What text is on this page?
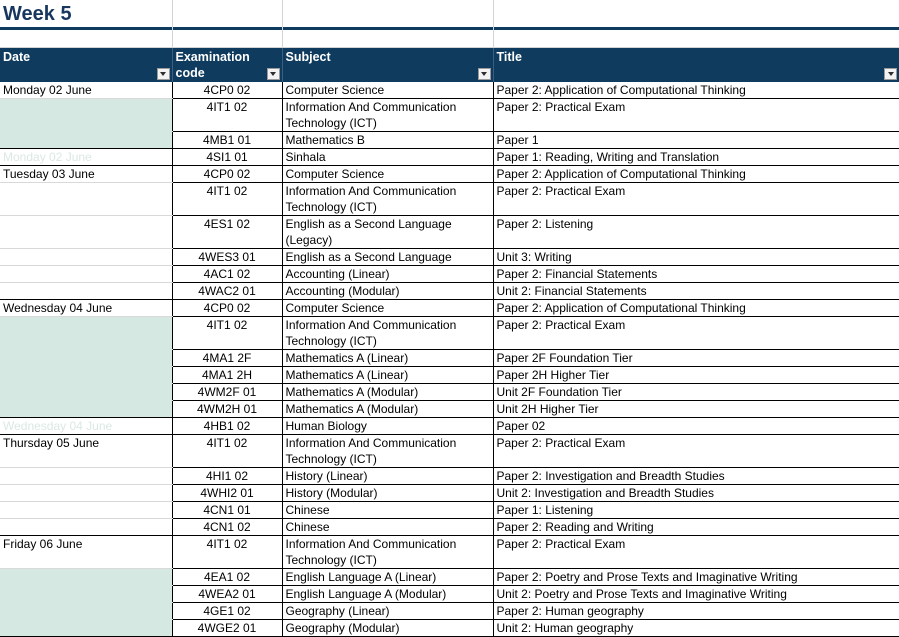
Week 5
Date	Examination code	Subject	Title

Monday 02 June	4CP0 02	Computer Science	Paper 2: Application of Computational Thinking
	4IT1 02	Information And Communication Technology (ICT)	Paper 2: Practical Exam
	4MB1 01	Mathematics B	Paper 1
Monday 02 June	4SI1 01	Sinhala	Paper 1: Reading, Writing and Translation
Tuesday 03 June	4CP0 02	Computer Science	Paper 2: Application of Computational Thinking
	4IT1 02	Information And Communication Technology (ICT)	Paper 2: Practical Exam
	4ES1 02	English as a Second Language (Legacy)	Paper 2: Listening
	4WES3 01	English as a Second Language	Unit 3: Writing
	4AC1 02	Accounting (Linear)	Paper 2: Financial Statements
	4WAC2 01	Accounting (Modular)	Unit 2: Financial Statements
Wednesday 04 June	4CP0 02	Computer Science	Paper 2: Application of Computational Thinking
	4IT1 02	Information And Communication Technology (ICT)	Paper 2: Practical Exam
	4MA1 2F	Mathematics A (Linear)	Paper 2F Foundation Tier
	4MA1 2H	Mathematics A (Linear)	Paper 2H Higher Tier
	4WM2F 01	Mathematics A (Modular)	Unit 2F Foundation Tier
	4WM2H 01	Mathematics A (Modular)	Unit 2H Higher Tier
Wednesday 04 June	4HB1 02	Human Biology	Paper 02
Thursday 05 June	4IT1 02	Information And Communication Technology (ICT)	Paper 2: Practical Exam
	4HI1 02	History (Linear)	Paper 2: Investigation and Breadth Studies
	4WHI2 01	History (Modular)	Unit 2: Investigation and Breadth Studies
	4CN1 01	Chinese	Paper 1: Listening
	4CN1 02	Chinese	Paper 2: Reading and Writing
Friday 06 June	4IT1 02	Information And Communication Technology (ICT)	Paper 2: Practical Exam
	4EA1 02	English Language A (Linear)	Paper 2: Poetry and Prose Texts and Imaginative Writing
	4WEA2 01	English Language A (Modular)	Unit 2: Poetry and Prose Texts and Imaginative Writing
	4GE1 02	Geography (Linear)	Paper 2: Human geography
	4WGE2 01	Geography (Modular)	Unit 2: Human geography
